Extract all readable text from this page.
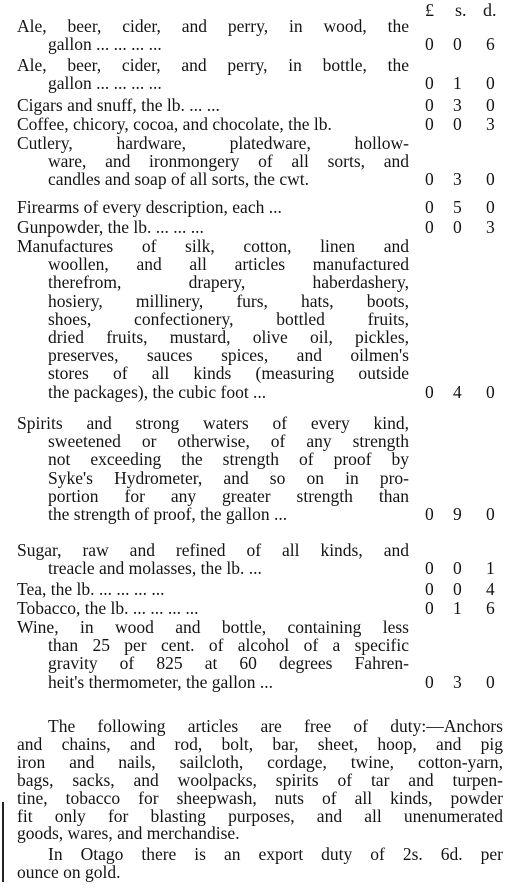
£ s. d.
Ale, beer, cider, and perry, in wood, the
gallon ... ... ... ...	0 0 6
Ale, beer, cider, and perry, in bottle, the
gallon ... ... ... ...	0 1 0
Cigars and snuff, the lb. ... ...	0 3 0
Coffee, chicory, cocoa, and chocolate, the lb.	0 0 3
Cutlery, hardware, platedware, hollow-
ware, and ironmongery of all sorts, and
candles and soap of all sorts, the cwt.	0 3 0
Firearms of every description, each ...	0 5 0
Gunpowder, the lb. ... ... ...	0 0 3
Manufactures of silk, cotton, linen and
woollen, and all articles manufactured
therefrom, drapery, haberdashery,
hosiery, millinery, furs, hats, boots,
shoes, confectionery, bottled fruits,
dried fruits, mustard, olive oil, pickles,
preserves, sauces spices, and oilmen's
stores of all kinds (measuring outside
the packages), the cubic foot ...	0 4 0
Spirits and strong waters of every kind,
sweetened or otherwise, of any strength
not exceeding the strength of proof by
Syke's Hydrometer, and so on in pro-
portion for any greater strength than
the strength of proof, the gallon ...	0 9 0
Sugar, raw and refined of all kinds, and
treacle and molasses, the lb. ...	0 0 1
Tea, the lb. ... ... ... ...	0 0 4
Tobacco, the lb. ... ... ... ...	0 1 6
Wine, in wood and bottle, containing less
than 25 per cent. of alcohol of a specific
gravity of 825 at 60 degrees Fahren-
heit's thermometer, the gallon ...	0 3 0
The following articles are free of duty:—Anchors
and chains, and rod, bolt, bar, sheet, hoop, and pig
iron and nails, sailcloth, cordage, twine, cotton-yarn,
bags, sacks, and woolpacks, spirits of tar and turpen-
tine, tobacco for sheepwash, nuts of all kinds, powder
fit only for blasting purposes, and all unenumerated
goods, wares, and merchandise.
In Otago there is an export duty of 2s. 6d. per
ounce on gold.
